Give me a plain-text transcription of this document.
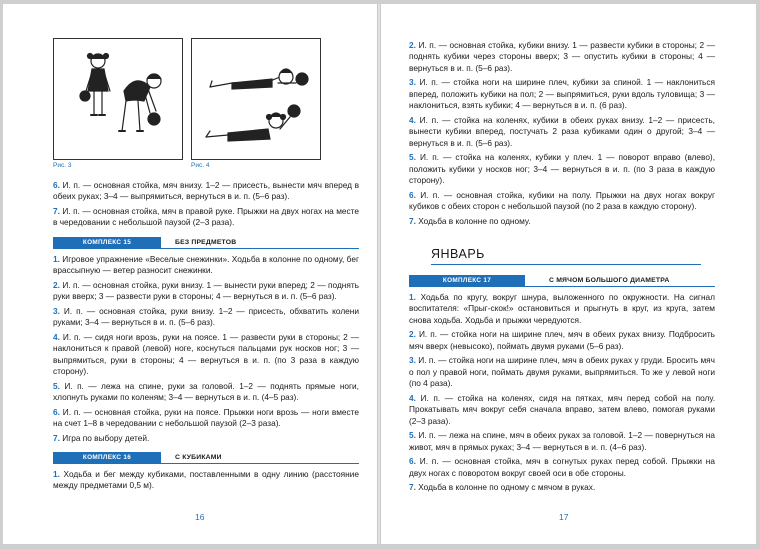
Рис. 3	Рис. 4

6. И. п. — основная стойка, мяч внизу. 1–2 — присесть, вынести мяч вперед в обеих руках; 3–4 — выпрямиться, вернуться в и. п. (5–6 раз).

7. И. п. — основная стойка, мяч в правой руке. Прыжки на двух ногах на месте в чередовании с небольшой паузой (2–3 раза).

КОМПЛЕКС 15	БЕЗ ПРЕДМЕТОВ

1. Игровое упражнение «Веселые снежинки». Ходьба в колонне по одному, бег врассыпную — ветер разносит снежинки.

2. И. п. — основная стойка, руки внизу. 1 — вынести руки вперед; 2 — поднять руки вверх; 3 — развести руки в стороны; 4 — вернуться в и. п. (5–6 раз).

3. И. п. — основная стойка, руки внизу. 1–2 — присесть, обхватить колени руками; 3–4 — вернуться в и. п. (5–6 раз).

4. И. п. — сидя ноги врозь, руки на поясе. 1 — развести руки в стороны; 2 — наклониться к правой (левой) ноге, коснуться пальцами рук носков ног; 3 — выпрямиться, руки в стороны; 4 — вернуться в и. п. (по 3 раза в каждую сторону).

5. И. п. — лежа на спине, руки за головой. 1–2 — поднять прямые ноги, хлопнуть руками по коленям; 3–4 — вернуться в и. п. (4–5 раз).

6. И. п. — основная стойка, руки на поясе. Прыжки ноги врозь — ноги вместе на счет 1–8 в чередовании с небольшой паузой (2–3 раза).

7. Игра по выбору детей.

КОМПЛЕКС 16	С КУБИКАМИ

1. Ходьба и бег между кубиками, поставленными в одну линию (расстояние между предметами 0,5 м).

16

2. И. п. — основная стойка, кубики внизу. 1 — развести кубики в стороны; 2 — поднять кубики через стороны вверх; 3 — опустить кубики в стороны; 4 — вернуться в и. п. (5–6 раз).

3. И. п. — стойка ноги на ширине плеч, кубики за спиной. 1 — наклониться вперед, положить кубики на пол; 2 — выпрямиться, руки вдоль туловища; 3 — наклониться, взять кубики; 4 — вернуться в и. п. (6 раз).

4. И. п. — стойка на коленях, кубики в обеих руках внизу. 1–2 — присесть, вынести кубики вперед, постучать 2 раза кубиками один о другой; 3–4 — вернуться в и. п. (5–6 раз).

5. И. п. — стойка на коленях, кубики у плеч. 1 — поворот вправо (влево), положить кубики у носков ног; 3–4 — вернуться в и. п. (по 3 раза в каждую сторону).

6. И. п. — основная стойка, кубики на полу. Прыжки на двух ногах вокруг кубиков с обеих сторон с небольшой паузой (по 2 раза в каждую сторону).

7. Ходьба в колонне по одному.

ЯНВАРЬ

КОМПЛЕКС 17	С МЯЧОМ БОЛЬШОГО ДИАМЕТРА

1. Ходьба по кругу, вокруг шнура, выложенного по окружности. На сигнал воспитателя: «Прыг-скок!» остановиться и прыгнуть в круг, из круга, затем снова ходьба. Ходьба и прыжки чередуются.

2. И. п. — стойка ноги на ширине плеч, мяч в обеих руках внизу. Подбросить мяч вверх (невысоко), поймать двумя руками (5–6 раз).

3. И. п. — стойка ноги на ширине плеч, мяч в обеих руках у груди. Бросить мяч о пол у правой ноги, поймать двумя руками, выпрямиться. То же у левой ноги (по 4 раза).

4. И. п. — стойка на коленях, сидя на пятках, мяч перед собой на полу. Прокатывать мяч вокруг себя сначала вправо, затем влево, помогая руками (2–3 раза).

5. И. п. — лежа на спине, мяч в обеих руках за головой. 1–2 — повернуться на живот, мяч в прямых руках; 3–4 — вернуться в и. п. (4–6 раз).

6. И. п. — основная стойка, мяч в согнутых руках перед собой. Прыжки на двух ногах с поворотом вокруг своей оси в обе стороны.

7. Ходьба в колонне по одному с мячом в руках.

17
